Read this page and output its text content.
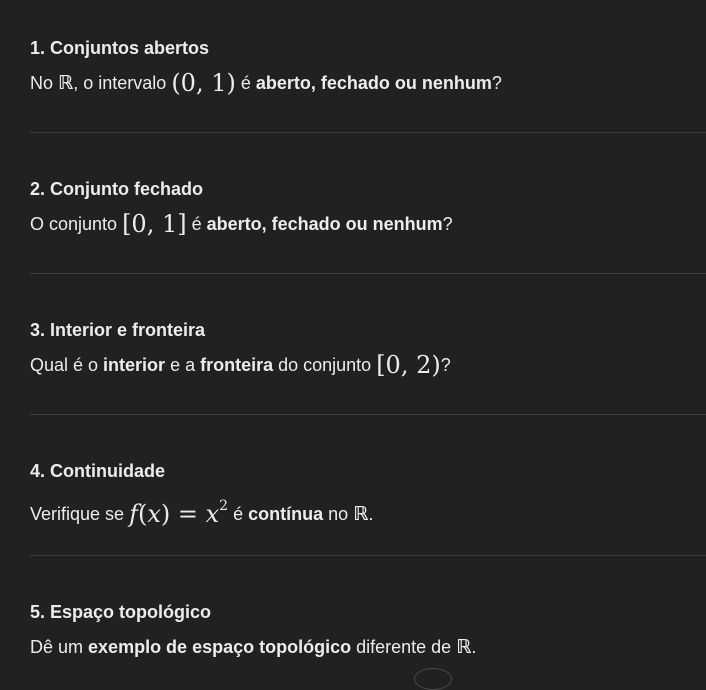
1. Conjuntos abertos
No ℝ, o intervalo (0, 1) é aberto, fechado ou nenhum?
2. Conjunto fechado
O conjunto [0, 1] é aberto, fechado ou nenhum?
3. Interior e fronteira
Qual é o interior e a fronteira do conjunto [0, 2)?
4. Continuidade
Verifique se $f(x) = x^2$ é contínua no ℝ.
5. Espaço topológico
Dê um exemplo de espaço topológico diferente de ℝ.
